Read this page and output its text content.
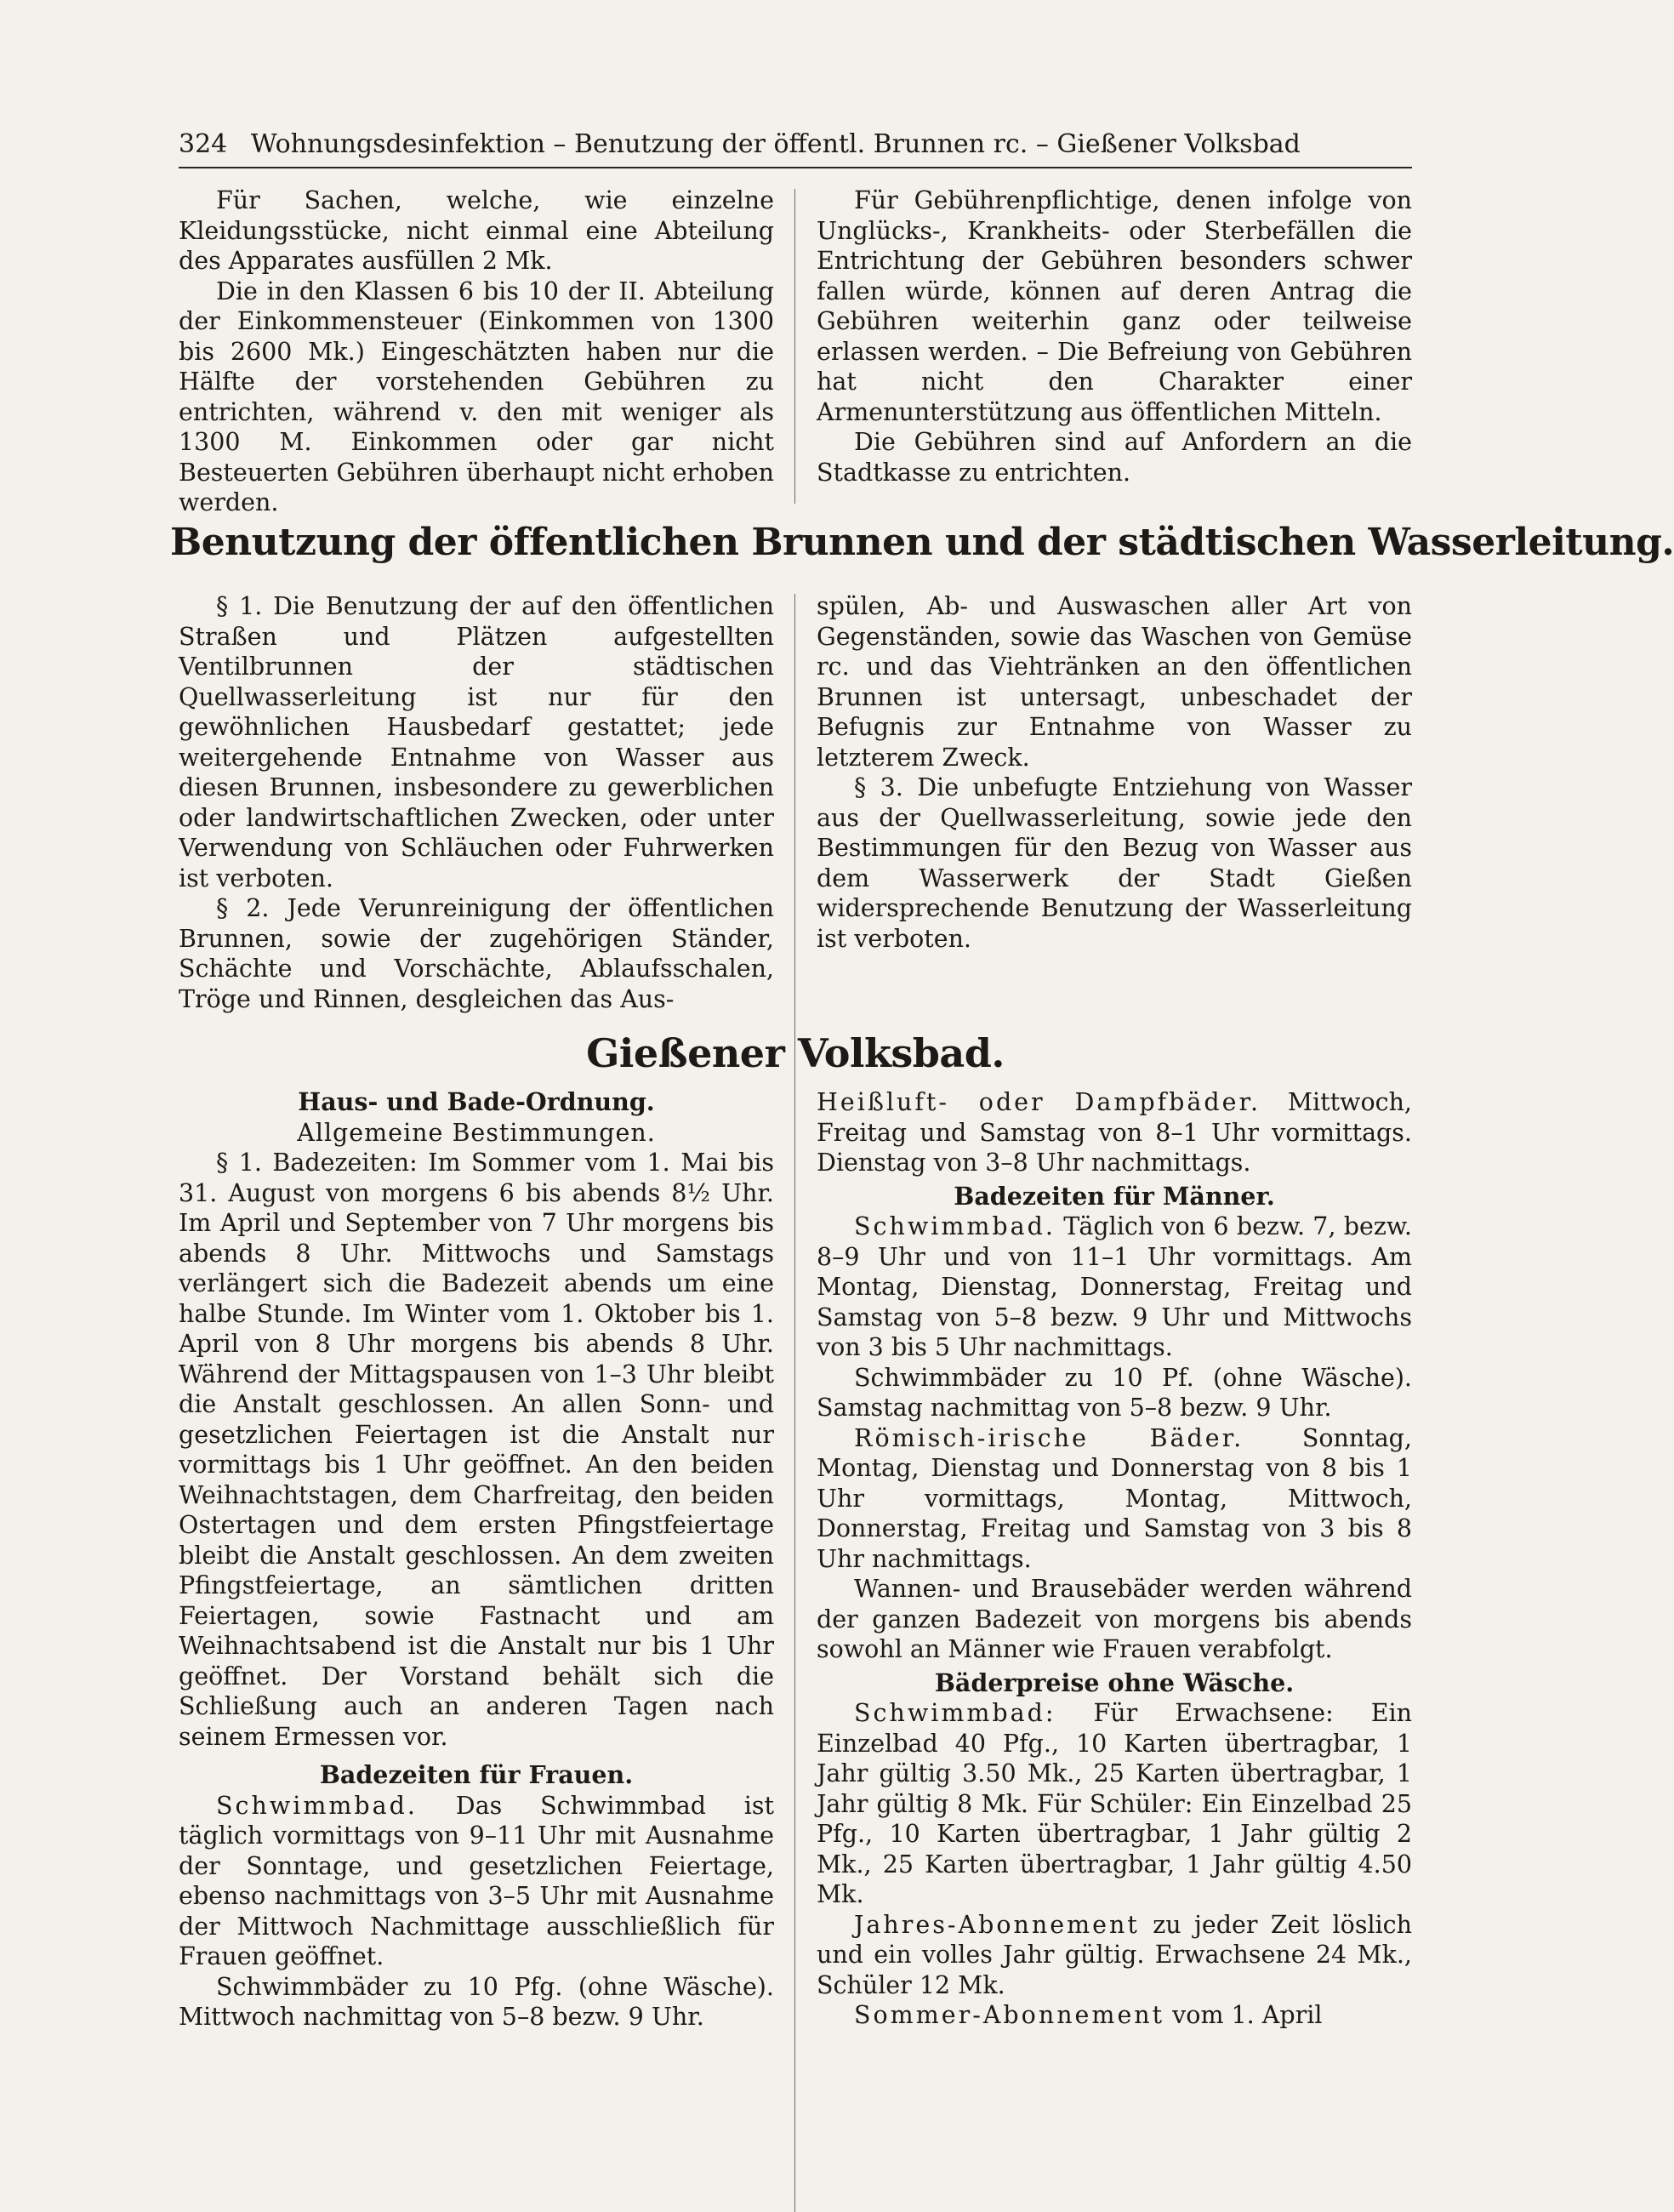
324 Wohnungsdesinfektion – Benutzung der öffentl. Brunnen rc. – Gießener Volksbad

Für Sachen, welche, wie einzelne Kleidungsstücke, nicht einmal eine Abteilung des Apparates ausfüllen 2 Mk.

Die in den Klassen 6 bis 10 der II. Abteilung der Einkommensteuer (Einkommen von 1300 bis 2600 Mk.) Eingeschätzten haben nur die Hälfte der vorstehenden Gebühren zu entrichten, während v. den mit weniger als 1300 M. Einkommen oder gar nicht Besteuerten Gebühren überhaupt nicht erhoben werden.

Für Gebührenpflichtige, denen infolge von Unglücks-, Krankheits- oder Sterbefällen die Entrichtung der Gebühren besonders schwer fallen würde, können auf deren Antrag die Gebühren weiterhin ganz oder teilweise erlassen werden. – Die Befreiung von Gebühren hat nicht den Charakter einer Armenunterstützung aus öffentlichen Mitteln.

Die Gebühren sind auf Anfordern an die Stadtkasse zu entrichten.

Benutzung der öffentlichen Brunnen und der städtischen Wasserleitung.

§ 1. Die Benutzung der auf den öffentlichen Straßen und Plätzen aufgestellten Ventilbrunnen der städtischen Quellwasserleitung ist nur für den gewöhnlichen Hausbedarf gestattet; jede weitergehende Entnahme von Wasser aus diesen Brunnen, insbesondere zu gewerblichen oder landwirtschaftlichen Zwecken, oder unter Verwendung von Schläuchen oder Fuhrwerken ist verboten.

§ 2. Jede Verunreinigung der öffentlichen Brunnen, sowie der zugehörigen Ständer, Schächte und Vorschächte, Ablaufsschalen, Tröge und Rinnen, desgleichen das Aus-

spülen, Ab- und Auswaschen aller Art von Gegenständen, sowie das Waschen von Gemüse rc. und das Viehtränken an den öffentlichen Brunnen ist untersagt, unbeschadet der Befugnis zur Entnahme von Wasser zu letzterem Zweck.

§ 3. Die unbefugte Entziehung von Wasser aus der Quellwasserleitung, sowie jede den Bestimmungen für den Bezug von Wasser aus dem Wasserwerk der Stadt Gießen widersprechende Benutzung der Wasserleitung ist verboten.

Gießener Volksbad.

Haus- und Bade-Ordnung.

Allgemeine Bestimmungen.

§ 1. Badezeiten: Im Sommer vom 1. Mai bis 31. August von morgens 6 bis abends 8½ Uhr. Im April und September von 7 Uhr morgens bis abends 8 Uhr. Mittwochs und Samstags verlängert sich die Badezeit abends um eine halbe Stunde. Im Winter vom 1. Oktober bis 1. April von 8 Uhr morgens bis abends 8 Uhr. Während der Mittagspausen von 1–3 Uhr bleibt die Anstalt geschlossen. An allen Sonn- und gesetzlichen Feiertagen ist die Anstalt nur vormittags bis 1 Uhr geöffnet. An den beiden Weihnachtstagen, dem Charfreitag, den beiden Ostertagen und dem ersten Pfingstfeiertage bleibt die Anstalt geschlossen. An dem zweiten Pfingstfeiertage, an sämtlichen dritten Feiertagen, sowie Fastnacht und am Weihnachtsabend ist die Anstalt nur bis 1 Uhr geöffnet. Der Vorstand behält sich die Schließung auch an anderen Tagen nach seinem Ermessen vor.

Badezeiten für Frauen.

Schwimmbad. Das Schwimmbad ist täglich vormittags von 9–11 Uhr mit Ausnahme der Sonntage, und gesetzlichen Feiertage, ebenso nachmittags von 3–5 Uhr mit Ausnahme der Mittwoch Nachmittage ausschließlich für Frauen geöffnet.

Schwimmbäder zu 10 Pfg. (ohne Wäsche). Mittwoch nachmittag von 5–8 bezw. 9 Uhr.

Heißluft- oder Dampfbäder. Mittwoch, Freitag und Samstag von 8–1 Uhr vormittags. Dienstag von 3–8 Uhr nachmittags.

Badezeiten für Männer.

Schwimmbad. Täglich von 6 bezw. 7, bezw. 8–9 Uhr und von 11–1 Uhr vormittags. Am Montag, Dienstag, Donnerstag, Freitag und Samstag von 5–8 bezw. 9 Uhr und Mittwochs von 3 bis 5 Uhr nachmittags.

Schwimmbäder zu 10 Pf. (ohne Wäsche). Samstag nachmittag von 5–8 bezw. 9 Uhr.

Römisch-irische Bäder. Sonntag, Montag, Dienstag und Donnerstag von 8 bis 1 Uhr vormittags, Montag, Mittwoch, Donnerstag, Freitag und Samstag von 3 bis 8 Uhr nachmittags.

Wannen- und Brausebäder werden während der ganzen Badezeit von morgens bis abends sowohl an Männer wie Frauen verabfolgt.

Bäderpreise ohne Wäsche.

Schwimmbad: Für Erwachsene: Ein Einzelbad 40 Pfg., 10 Karten übertragbar, 1 Jahr gültig 3.50 Mk., 25 Karten übertragbar, 1 Jahr gültig 8 Mk. Für Schüler: Ein Einzelbad 25 Pfg., 10 Karten übertragbar, 1 Jahr gültig 2 Mk., 25 Karten übertragbar, 1 Jahr gültig 4.50 Mk.

Jahres-Abonnement zu jeder Zeit löslich und ein volles Jahr gültig. Erwachsene 24 Mk., Schüler 12 Mk.

Sommer-Abonnement vom 1. April
